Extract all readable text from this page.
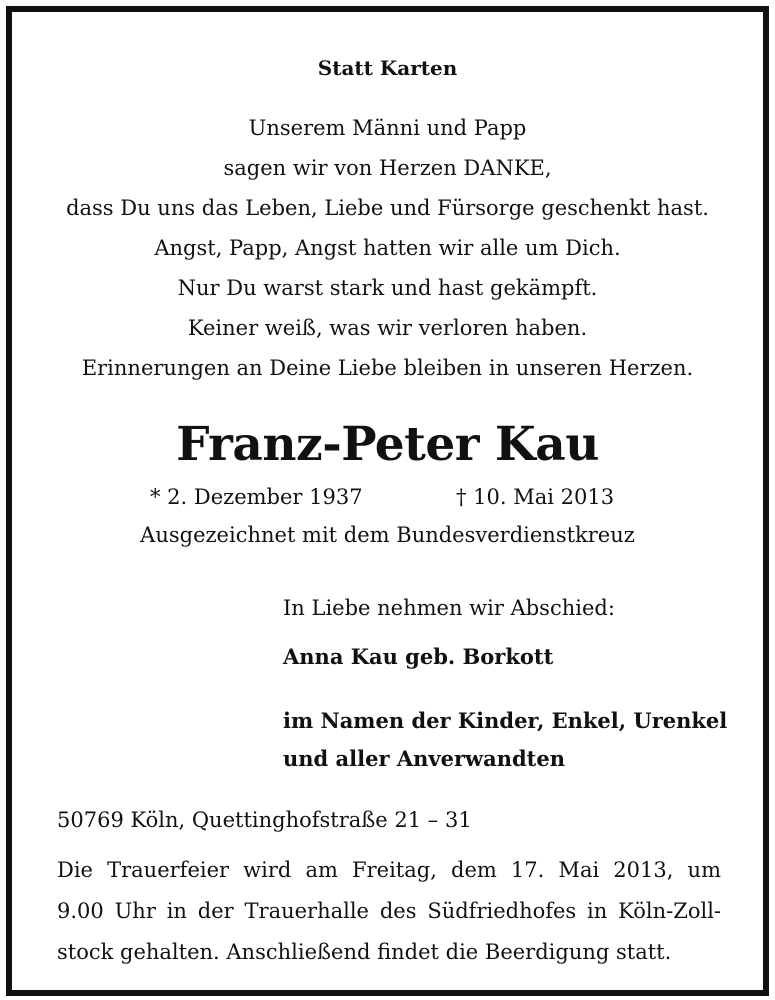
Statt Karten
Unserem Männi und Papp
sagen wir von Herzen DANKE,
dass Du uns das Leben, Liebe und Fürsorge geschenkt hast.
Angst, Papp, Angst hatten wir alle um Dich.
Nur Du warst stark und hast gekämpft.
Keiner weiß, was wir verloren haben.
Erinnerungen an Deine Liebe bleiben in unseren Herzen.
Franz-Peter Kau
* 2. Dezember 1937	† 10. Mai 2013
Ausgezeichnet mit dem Bundesverdienstkreuz
In Liebe nehmen wir Abschied:
Anna Kau geb. Borkott
im Namen der Kinder, Enkel, Urenkel
und aller Anverwandten
50769 Köln, Quettinghofstraße 21 – 31
Die Trauerfeier wird am Freitag, dem 17. Mai 2013, um
9.00 Uhr in der Trauerhalle des Südfriedhofes in Köln-Zoll-
stock gehalten. Anschließend findet die Beerdigung statt.
